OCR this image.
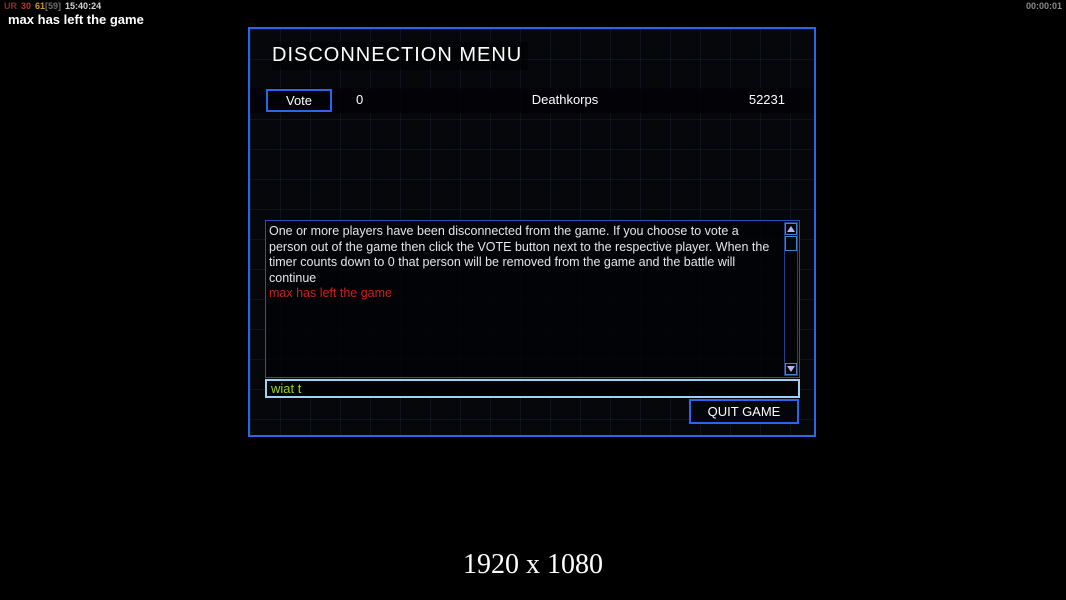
UR 30 61[59] 15:40:24
max has left the game
00:00:01
DISCONNECTION MENU
Vote	0	Deathkorps	52231
One or more players have been disconnected from the game. If you choose to vote a person out of the game then click the VOTE button next to the respective player. When the timer counts down to 0 that person will be removed from the game and the battle will continue
max has left the game
wiat t
QUIT GAME
1920 x 1080
